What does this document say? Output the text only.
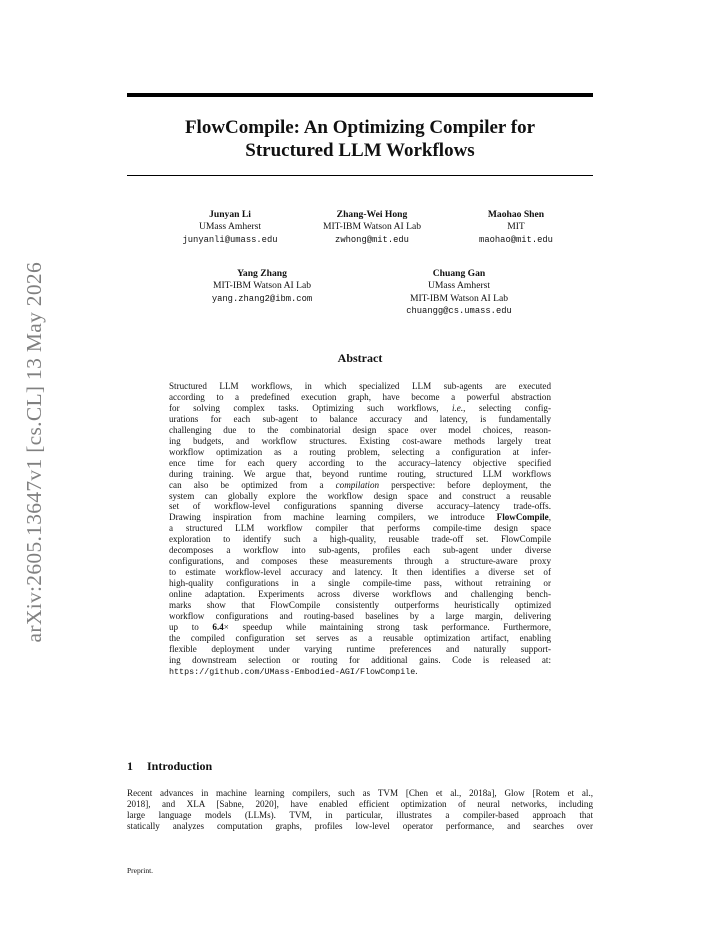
arXiv:2605.13647v1 [cs.CL] 13 May 2026
FlowCompile: An Optimizing Compiler for
Structured LLM Workflows
Junyan Li
UMass Amherst
junyanli@umass.edu
Zhang-Wei Hong
MIT-IBM Watson AI Lab
zwhong@mit.edu
Maohao Shen
MIT
maohao@mit.edu
Yang Zhang
MIT-IBM Watson AI Lab
yang.zhang2@ibm.com
Chuang Gan
UMass Amherst
MIT-IBM Watson AI Lab
chuangg@cs.umass.edu
Abstract
Structured LLM workflows, in which specialized LLM sub-agents are executed
according to a predefined execution graph, have become a powerful abstraction
for solving complex tasks. Optimizing such workflows, i.e., selecting config-
urations for each sub-agent to balance accuracy and latency, is fundamentally
challenging due to the combinatorial design space over model choices, reason-
ing budgets, and workflow structures. Existing cost-aware methods largely treat
workflow optimization as a routing problem, selecting a configuration at infer-
ence time for each query according to the accuracy–latency objective specified
during training. We argue that, beyond runtime routing, structured LLM workflows
can also be optimized from a compilation perspective: before deployment, the
system can globally explore the workflow design space and construct a reusable
set of workflow-level configurations spanning diverse accuracy–latency trade-offs.
Drawing inspiration from machine learning compilers, we introduce FlowCompile,
a structured LLM workflow compiler that performs compile-time design space
exploration to identify such a high-quality, reusable trade-off set. FlowCompile
decomposes a workflow into sub-agents, profiles each sub-agent under diverse
configurations, and composes these measurements through a structure-aware proxy
to estimate workflow-level accuracy and latency. It then identifies a diverse set of
high-quality configurations in a single compile-time pass, without retraining or
online adaptation. Experiments across diverse workflows and challenging bench-
marks show that FlowCompile consistently outperforms heuristically optimized
workflow configurations and routing-based baselines by a large margin, delivering
up to 6.4× speedup while maintaining strong task performance. Furthermore,
the compiled configuration set serves as a reusable optimization artifact, enabling
flexible deployment under varying runtime preferences and naturally support-
ing downstream selection or routing for additional gains. Code is released at:
https://github.com/UMass-Embodied-AGI/FlowCompile.
1 Introduction
Recent advances in machine learning compilers, such as TVM [Chen et al., 2018a], Glow [Rotem et al.,
2018], and XLA [Sabne, 2020], have enabled efficient optimization of neural networks, including
large language models (LLMs). TVM, in particular, illustrates a compiler-based approach that
statically analyzes computation graphs, profiles low-level operator performance, and searches over
Preprint.
